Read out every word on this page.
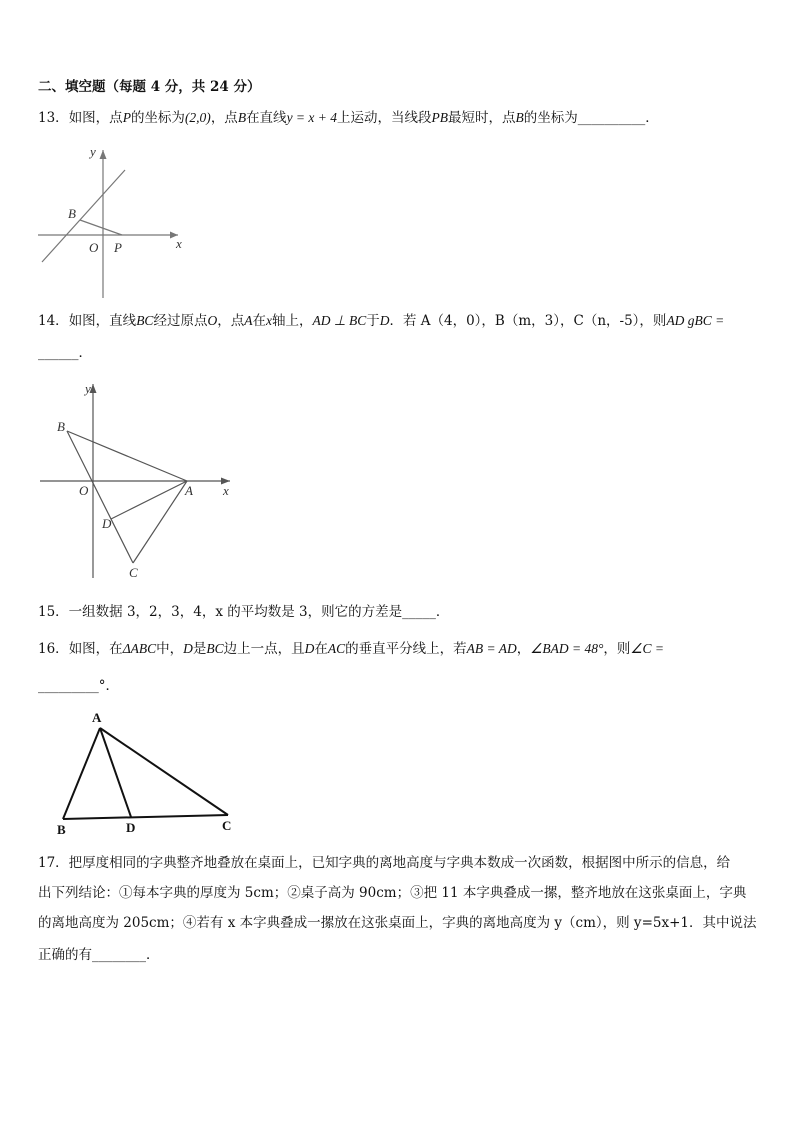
二、填空题（每题 4 分，共 24 分）
13．如图，点P的坐标为(2,0)，点B在直线y = x + 4上运动，当线段PB最短时，点B的坐标为__________．
y
x
B
O P
14．如图，直线BC经过原点O，点A在x轴上，AD ⊥ BC于D．若 A（4，0），B（m，3），C（n，-5），则AD gBC =
______．
y
x
B
O	A
D
C
15．一组数据 3，2，3，4，x 的平均数是 3，则它的方差是_____．
16．如图，在ΔABC中，D是BC边上一点，且D在AC的垂直平分线上，若AB = AD，∠BAD = 48°，则∠C =
_________°．
A
B	D	C
17．把厚度相同的字典整齐地叠放在桌面上，已知字典的离地高度与字典本数成一次函数，根据图中所示的信息，给
出下列结论：①每本字典的厚度为 5cm；②桌子高为 90cm；③把 11 本字典叠成一摞，整齐地放在这张桌面上，字典
的离地高度为 205cm；④若有 x 本字典叠成一摞放在这张桌面上，字典的离地高度为 y（cm），则 y=5x+1．其中说法
正确的有________．
